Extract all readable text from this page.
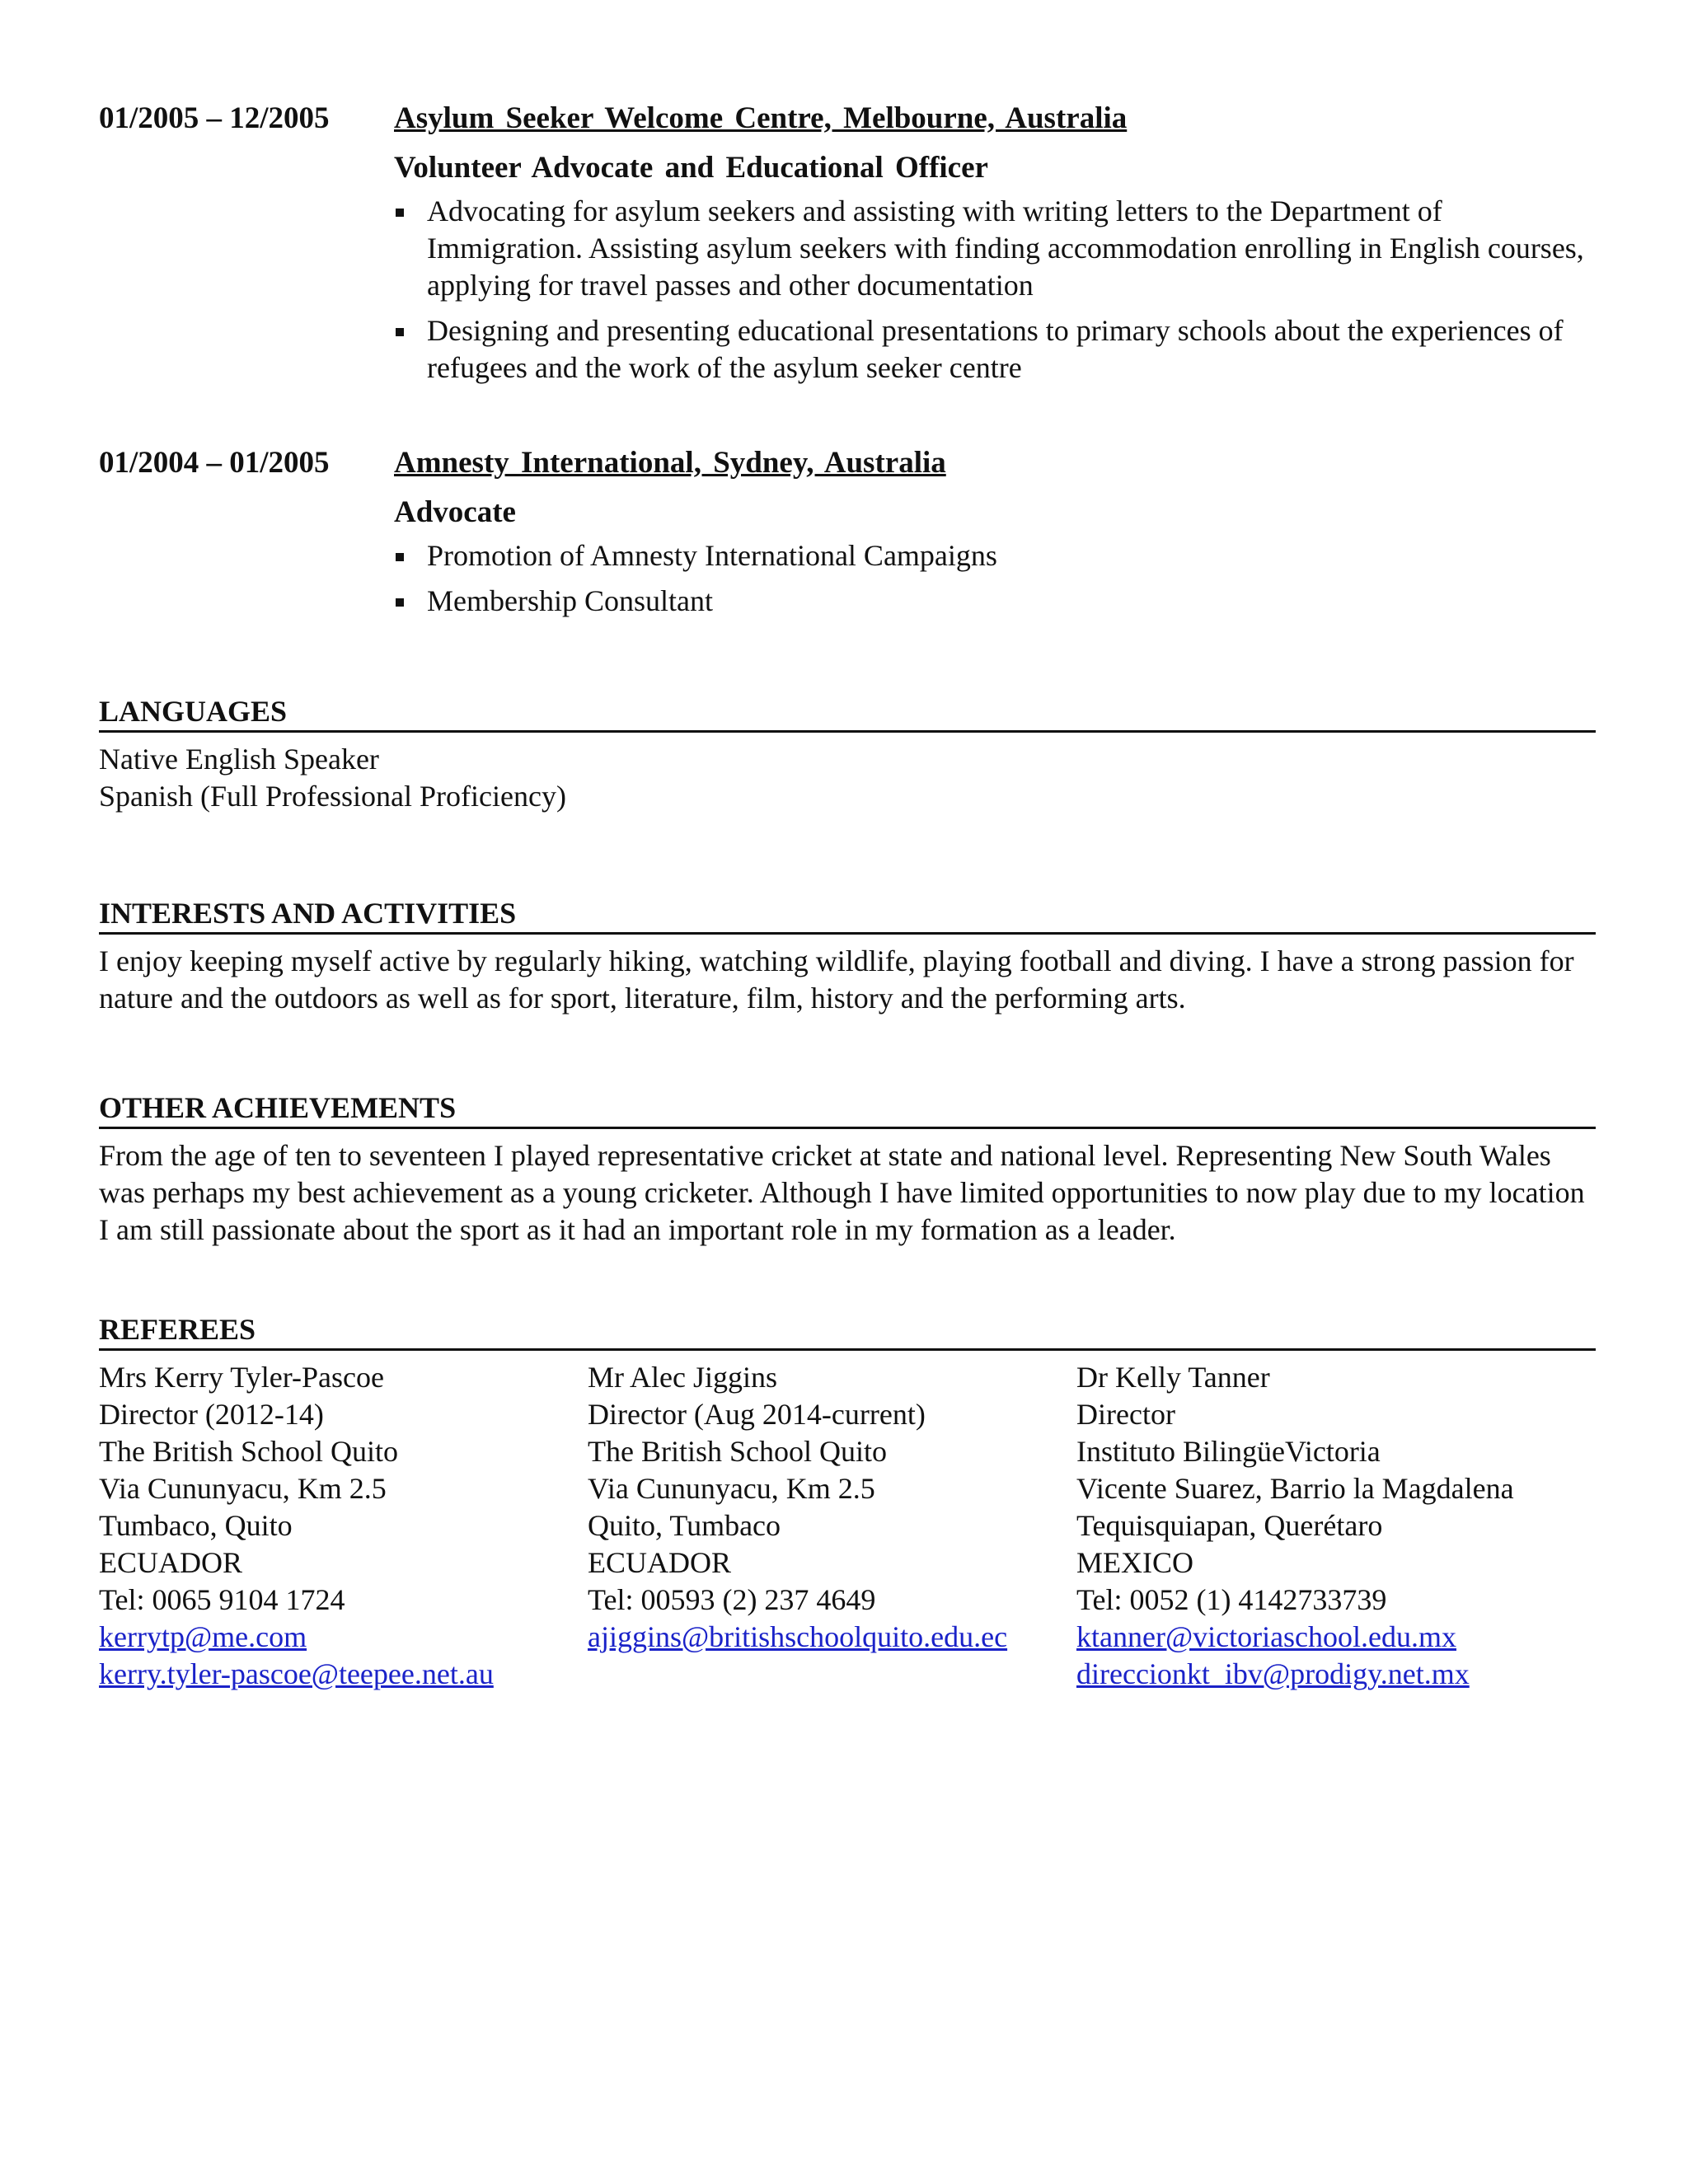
01/2005 – 12/2005 Asylum Seeker Welcome Centre, Melbourne, Australia
Volunteer Advocate and Educational Officer
Advocating for asylum seekers and assisting with writing letters to the Department of Immigration. Assisting asylum seekers with finding accommodation enrolling in English courses, applying for travel passes and other documentation
Designing and presenting educational presentations to primary schools about the experiences of refugees and the work of the asylum seeker centre
01/2004 – 01/2005 Amnesty International, Sydney, Australia
Advocate
Promotion of Amnesty International Campaigns
Membership Consultant
LANGUAGES

Native English Speaker

Spanish (Full Professional Proficiency)

INTERESTS AND ACTIVITIES
I enjoy keeping myself active by regularly hiking, watching wildlife, playing football and diving. I have a strong passion for nature and the outdoors as well as for sport, literature, film, history and the performing arts.
OTHER ACHIEVEMENTS
From the age of ten to seventeen I played representative cricket at state and national level. Representing New South Wales was perhaps my best achievement as a young cricketer. Although I have limited opportunities to now play due to my location I am still passionate about the sport as it had an important role in my formation as a leader.
REFEREES
Mrs Kerry Tyler-Pascoe
Director (2012-14)
The British School Quito
Via Cununyacu, Km 2.5
Tumbaco, Quito
ECUADOR
Tel: 0065 9104 1724
kerrytp@me.com
kerry.tyler-pascoe@teepee.net.au
Mr Alec Jiggins
Director (Aug 2014-current)
The British School Quito
Via Cununyacu, Km 2.5
Quito, Tumbaco
ECUADOR
Tel: 00593 (2) 237 4649
ajiggins@britishschoolquito.edu.ec
Dr Kelly Tanner
Director
Instituto BilingüeVictoria
Vicente Suarez, Barrio la Magdalena
Tequisquiapan, Querétaro
MEXICO
Tel: 0052 (1) 4142733739
ktanner@victoriaschool.edu.mx
direccionkt_ibv@prodigy.net.mx
